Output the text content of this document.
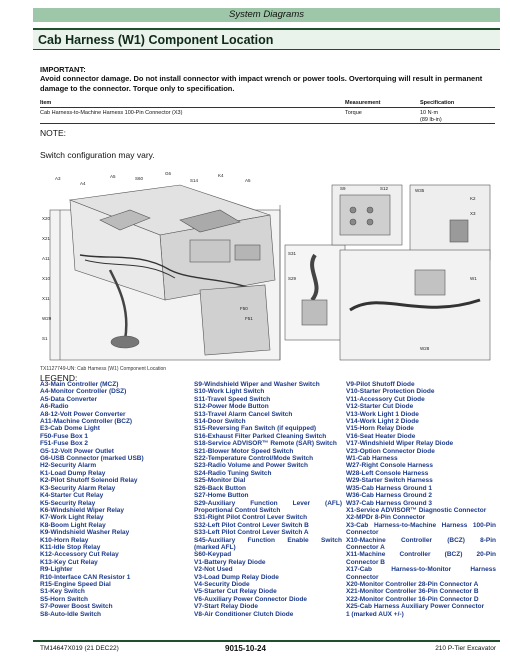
System Diagrams
Cab Harness (W1) Component Location
IMPORTANT:
Avoid connector damage. Do not install connector with impact wrench or power tools. Overtorquing will result in permanent damage to the connector. Torque only to specification.
Item	Measurement	Specification
Cab Harness-to-Machine Harness 100-Pin Connector (X3)	Torque	10 N·m
(89 lb-in)
NOTE:
Switch configuration may vary.
A3
A4
A5	S60
G6
S14
K4
A5
X20
X21
A11
X10
X11
W29
S1
F50
F51
S31
S29
S9	S12	W35
K2
X3
W1
W28
TX1127749-UN: Cab Harness (W1) Component Location
LEGEND:
A3-Main Controller (MCZ)
A4-Monitor Controller (DSZ)
A5-Data Converter
A6-Radio
A8-12-Volt Power Converter
A11-Machine Controller (BCZ)
E3-Cab Dome Light
F50-Fuse Box 1
F51-Fuse Box 2
G5-12-Volt Power Outlet
G6-USB Connector (marked USB)
H2-Security Alarm
K1-Load Dump Relay
K2-Pilot Shutoff Solenoid Relay
K3-Security Alarm Relay
K4-Starter Cut Relay
K5-Security Relay
K6-Windshield Wiper Relay
K7-Work Light Relay
K8-Boom Light Relay
K9-Windshield Washer Relay
K10-Horn Relay
K11-Idle Stop Relay
K12-Accessory Cut Relay
K13-Key Cut Relay
R9-Lighter
R10-Interface CAN Resistor 1
R15-Engine Speed Dial
S1-Key Switch
S5-Horn Switch
S7-Power Boost Switch
S8-Auto-Idle Switch
S9-Windshield Wiper and Washer Switch
S10-Work Light Switch
S11-Travel Speed Switch
S12-Power Mode Button
S13-Travel Alarm Cancel Switch
S14-Door Switch
S15-Reversing Fan Switch (if equipped)
S16-Exhaust Filter Parked Cleaning Switch
S18-Service ADVISOR™ Remote (SAR) Switch
S21-Blower Motor Speed Switch
S22-Temperature Control/Mode Switch
S23-Radio Volume and Power Switch
S24-Radio Tuning Switch
S25-Monitor Dial
S26-Back Button
S27-Home Button
S29-Auxiliary Function Lever (AFL)
Proportional Control Switch
S31-Right Pilot Control Lever Switch
S32-Left Pilot Control Lever Switch B
S33-Left Pilot Control Lever Switch A
S45-Auxiliary Function Enable Switch
(marked AFL)
S60-Keypad
V1-Battery Relay Diode
V2-Not Used
V3-Load Dump Relay Diode
V4-Security Diode
V5-Starter Cut Relay Diode
V6-Auxiliary Power Connector Diode
V7-Start Relay Diode
V8-Air Conditioner Clutch Diode
V9-Pilot Shutoff Diode
V10-Starter Protection Diode
V11-Accessory Cut Diode
V12-Starter Cut Diode
V13-Work Light 1 Diode
V14-Work Light 2 Diode
V15-Horn Relay Diode
V16-Seat Heater Diode
V17-Windshield Wiper Relay Diode
V23-Option Connector Diode
W1-Cab Harness
W27-Right Console Harness
W28-Left Console Harness
W29-Starter Switch Harness
W35-Cab Harness Ground 1
W36-Cab Harness Ground 2
W37-Cab Harness Ground 3
X1-Service ADVISOR™ Diagnostic Connector
X2-MPDr 8-Pin Connector
X3-Cab Harness-to-Machine Harness 100-Pin
Connector
X10-Machine Controller (BCZ) 8-Pin
Connector A
X11-Machine Controller (BCZ) 20-Pin
Connector B
X17-Cab Harness-to-Monitor Harness
Connector
X20-Monitor Controller 28-Pin Connector A
X21-Monitor Controller 36-Pin Connector B
X22-Monitor Controller 16-Pin Connector D
X25-Cab Harness Auxiliary Power Connector
1 (marked AUX +/-)
TM14647X019 (21 DEC22)	9015-10-24	210 P-Tier Excavator
